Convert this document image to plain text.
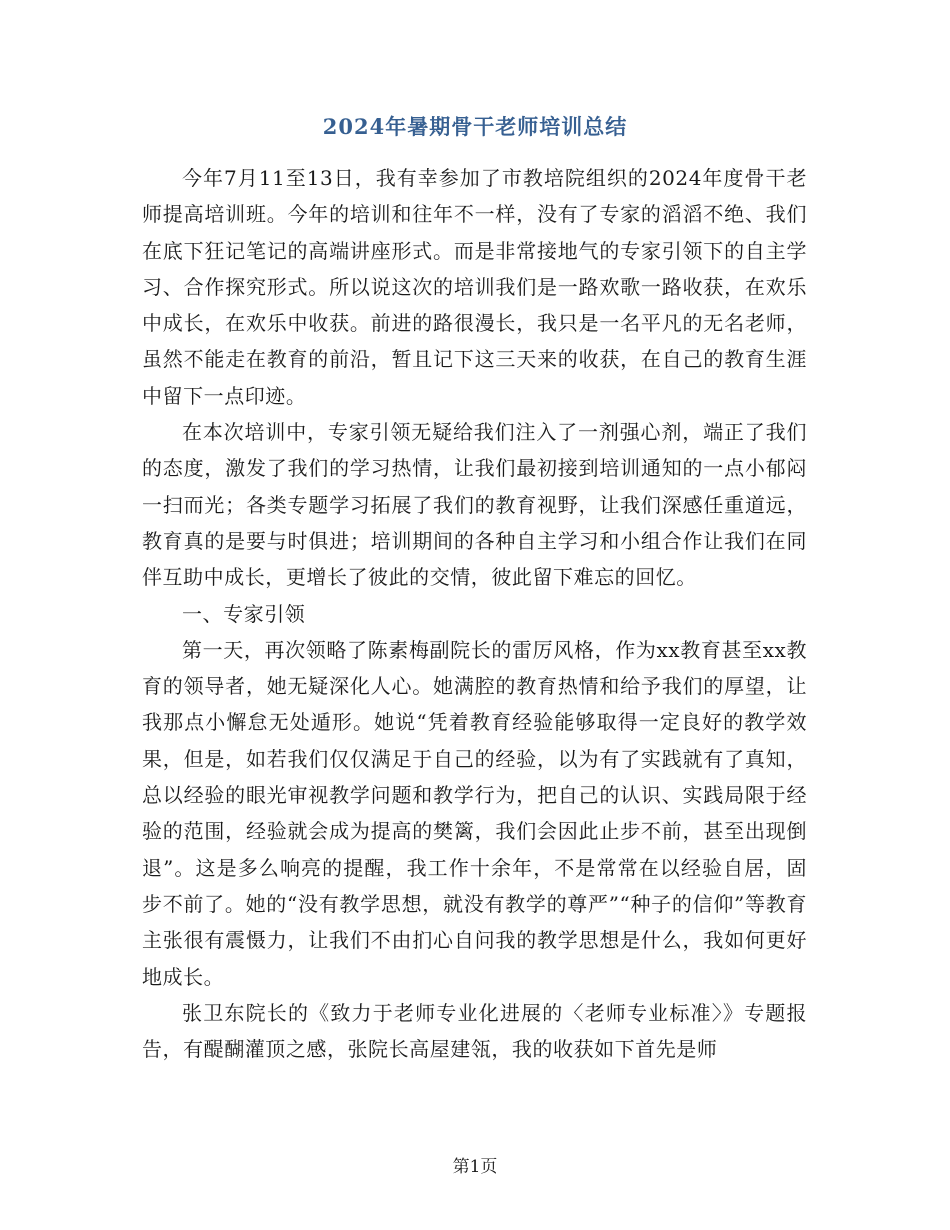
2024年暑期骨干老师培训总结

今年7月11至13日，我有幸参加了市教培院组织的2024年度骨干老师提高培训班。今年的培训和往年不一样，没有了专家的滔滔不绝、我们在底下狂记笔记的高端讲座形式。而是非常接地气的专家引领下的自主学习、合作探究形式。所以说这次的培训我们是一路欢歌一路收获，在欢乐中成长，在欢乐中收获。前进的路很漫长，我只是一名平凡的无名老师，虽然不能走在教育的前沿，暂且记下这三天来的收获，在自己的教育生涯中留下一点印迹。

在本次培训中，专家引领无疑给我们注入了一剂强心剂，端正了我们的态度，激发了我们的学习热情，让我们最初接到培训通知的一点小郁闷一扫而光；各类专题学习拓展了我们的教育视野，让我们深感任重道远，教育真的是要与时俱进；培训期间的各种自主学习和小组合作让我们在同伴互助中成长，更增长了彼此的交情，彼此留下难忘的回忆。

一、专家引领

第一天，再次领略了陈素梅副院长的雷厉风格，作为xx教育甚至xx教育的领导者，她无疑深化人心。她满腔的教育热情和给予我们的厚望，让我那点小懈怠无处遁形。她说“凭着教育经验能够取得一定良好的教学效果，但是，如若我们仅仅满足于自己的经验，以为有了实践就有了真知，总以经验的眼光审视教学问题和教学行为，把自己的认识、实践局限于经验的范围，经验就会成为提高的樊篱，我们会因此止步不前，甚至出现倒退”。这是多么响亮的提醒，我工作十余年，不是常常在以经验自居，固步不前了。她的“没有教学思想，就没有教学的尊严”“种子的信仰”等教育主张很有震慑力，让我们不由扪心自问我的教学思想是什么，我如何更好地成长。

张卫东院长的《致力于老师专业化进展的〈老师专业标准〉》专题报告，有醍醐灌顶之感，张院长高屋建瓴，我的收获如下首先是师

第1页
